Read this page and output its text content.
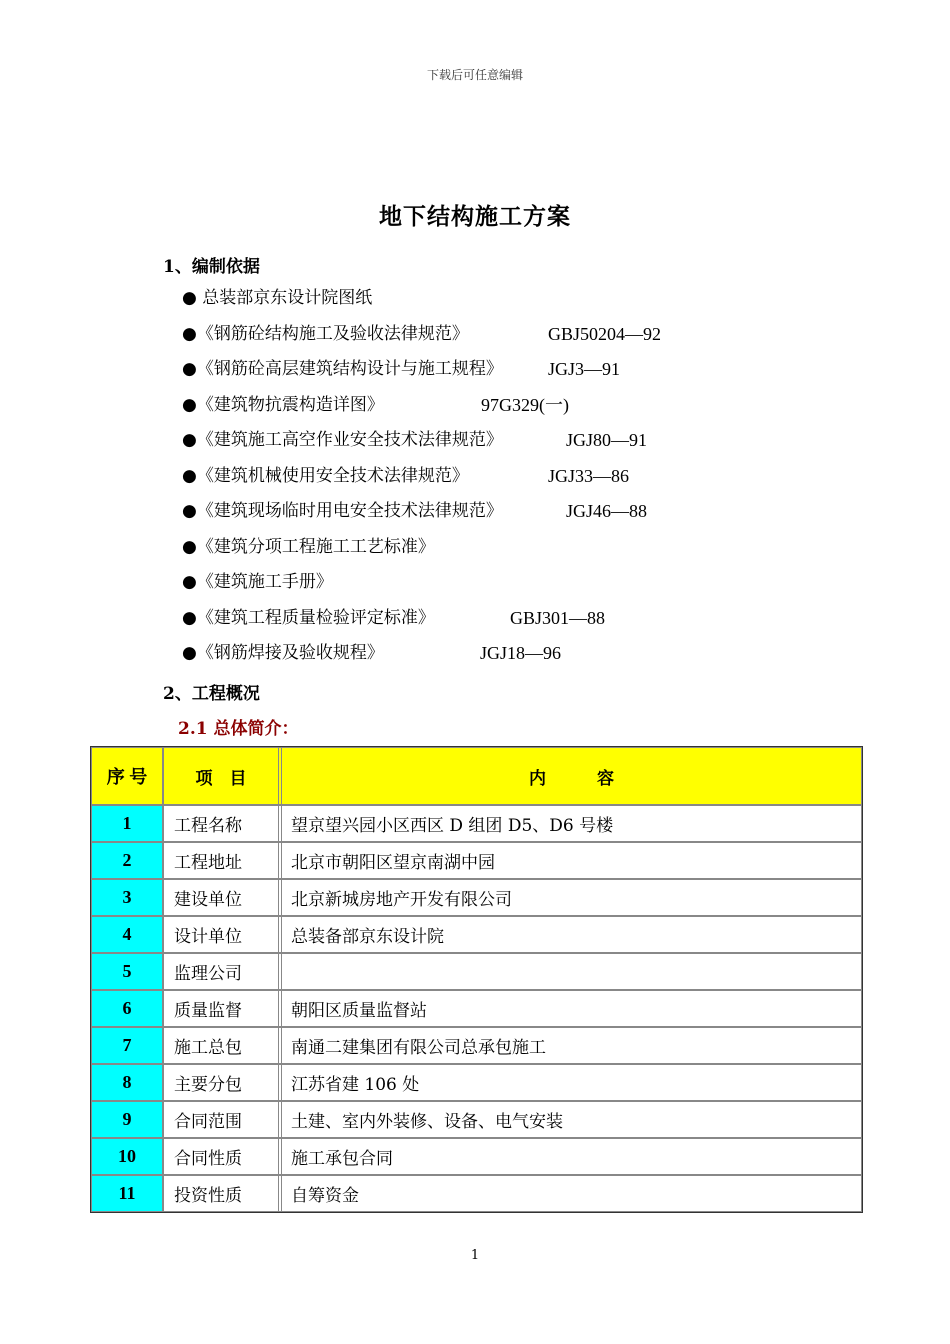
下载后可任意编辑
地下结构施工方案
1、编制依据
● 总装部京东设计院图纸
●《钢筋砼结构施工及验收法律规范》	GBJ50204—92
●《钢筋砼高层建筑结构设计与施工规程》	JGJ3—91
●《建筑物抗震构造详图》	97G329(一)
●《建筑施工高空作业安全技术法律规范》	JGJ80—91
●《建筑机械使用安全技术法律规范》	JGJ33—86
●《建筑现场临时用电安全技术法律规范》	JGJ46—88
●《建筑分项工程施工工艺标准》
●《建筑施工手册》
●《建筑工程质量检验评定标准》	GBJ301—88
●《钢筋焊接及验收规程》	JGJ18—96
2、工程概况
2.1 总体简介：
序 号	项　目		内　　　容
1	工程名称		望京望兴园小区西区 D 组团 D5、D6 号楼
2	工程地址		北京市朝阳区望京南湖中园
3	建设单位		北京新城房地产开发有限公司
4	设计单位		总装备部京东设计院
5	监理公司		
6	质量监督		朝阳区质量监督站
7	施工总包		南通二建集团有限公司总承包施工
8	主要分包		江苏省建 106 处
9	合同范围		土建、室内外装修、设备、电气安装
10	合同性质		施工承包合同
11	投资性质		自筹资金
1
